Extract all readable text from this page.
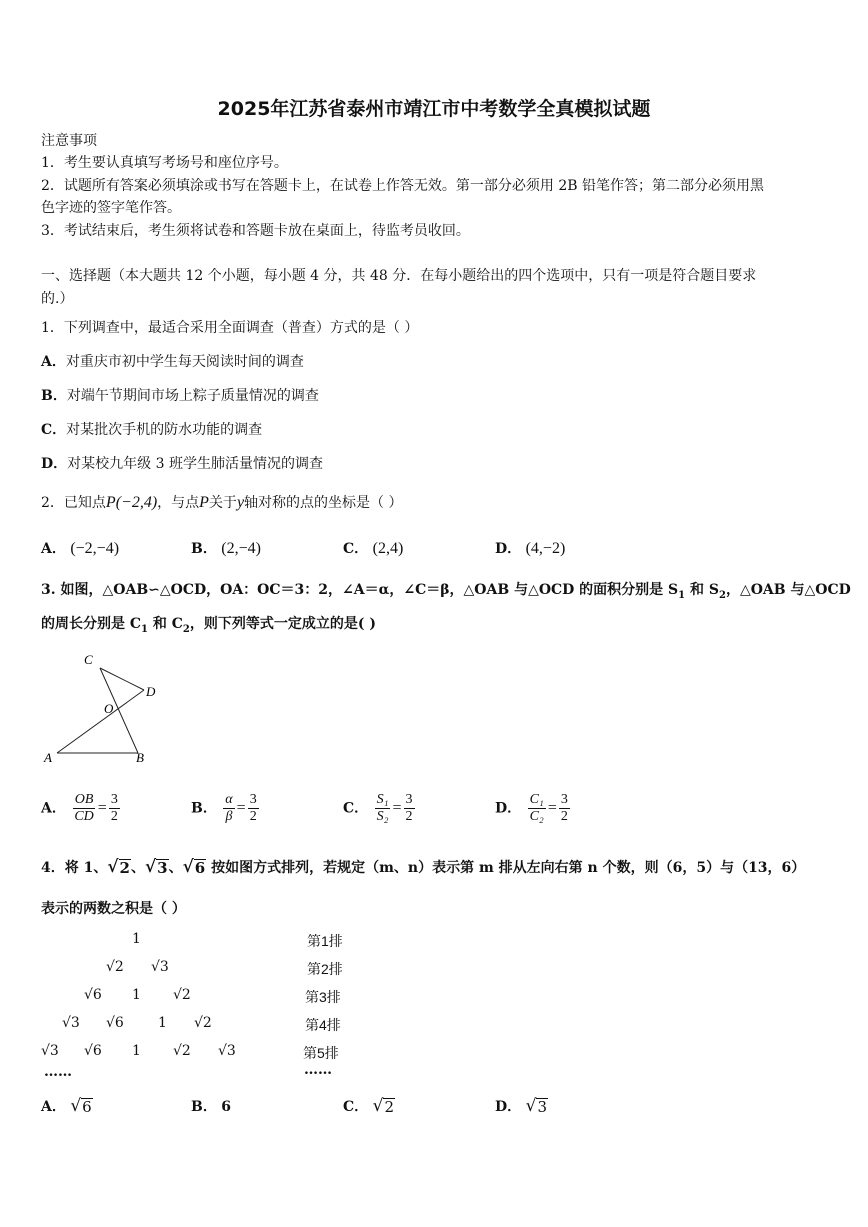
2025年江苏省泰州市靖江市中考数学全真模拟试题
注意事项
1．考生要认真填写考场号和座位序号。
2．试题所有答案必须填涂或书写在答题卡上，在试卷上作答无效。第一部分必须用 2B 铅笔作答；第二部分必须用黑
色字迹的签字笔作答。
3．考试结束后，考生须将试卷和答题卡放在桌面上，待监考员收回。
一、选择题（本大题共 12 个小题，每小题 4 分，共 48 分．在每小题给出的四个选项中，只有一项是符合题目要求
的.）
1．下列调查中，最适合采用全面调查（普查）方式的是（ ）
A．对重庆市初中学生每天阅读时间的调查
B．对端午节期间市场上粽子质量情况的调查
C．对某批次手机的防水功能的调查
D．对某校九年级 3 班学生肺活量情况的调查
2．已知点P(−2,4)，与点P关于y轴对称的点的坐标是（ ）
A． (−2,−4)	B． (2,−4)	C． (2,4)	D． (4,−2)
3. 如图，△OAB∽△OCD，OA：OC＝3：2，∠A＝α，∠C＝β，△OAB 与△OCD 的面积分别是 $S_1$ 和 $S_2$，△OAB 与△OCD
的周长分别是 $C_1$ 和 $C_2$，则下列等式一定成立的是( )
C
D
O
A	B
A． $\frac{OB}{CD} = \frac{3}{2}$	B． $\frac{\alpha}{\beta} = \frac{3}{2}$	C． $\frac{\text{S₁}}{\text{S₂}} = \frac{3}{2}$	D． $\frac{\text{C₁}}{\text{C₂}} = \frac{3}{2}$
4．将 1、 √ 2 、 √ 3 、 √ 6 按如图方式排列，若规定（m、n）表示第 m 排从左向右第 n 个数，则（6，5）与（13，6）
表示的两数之积是（ ）
1	第1排
√2 √3	第2排
√6 1 √2	第3排
√3 √6 1 √2	第4排
√3 √6 1 √2 √3	第5排
……	……
A． √ 6	B． 6	C． √ 2	D． √ 3
